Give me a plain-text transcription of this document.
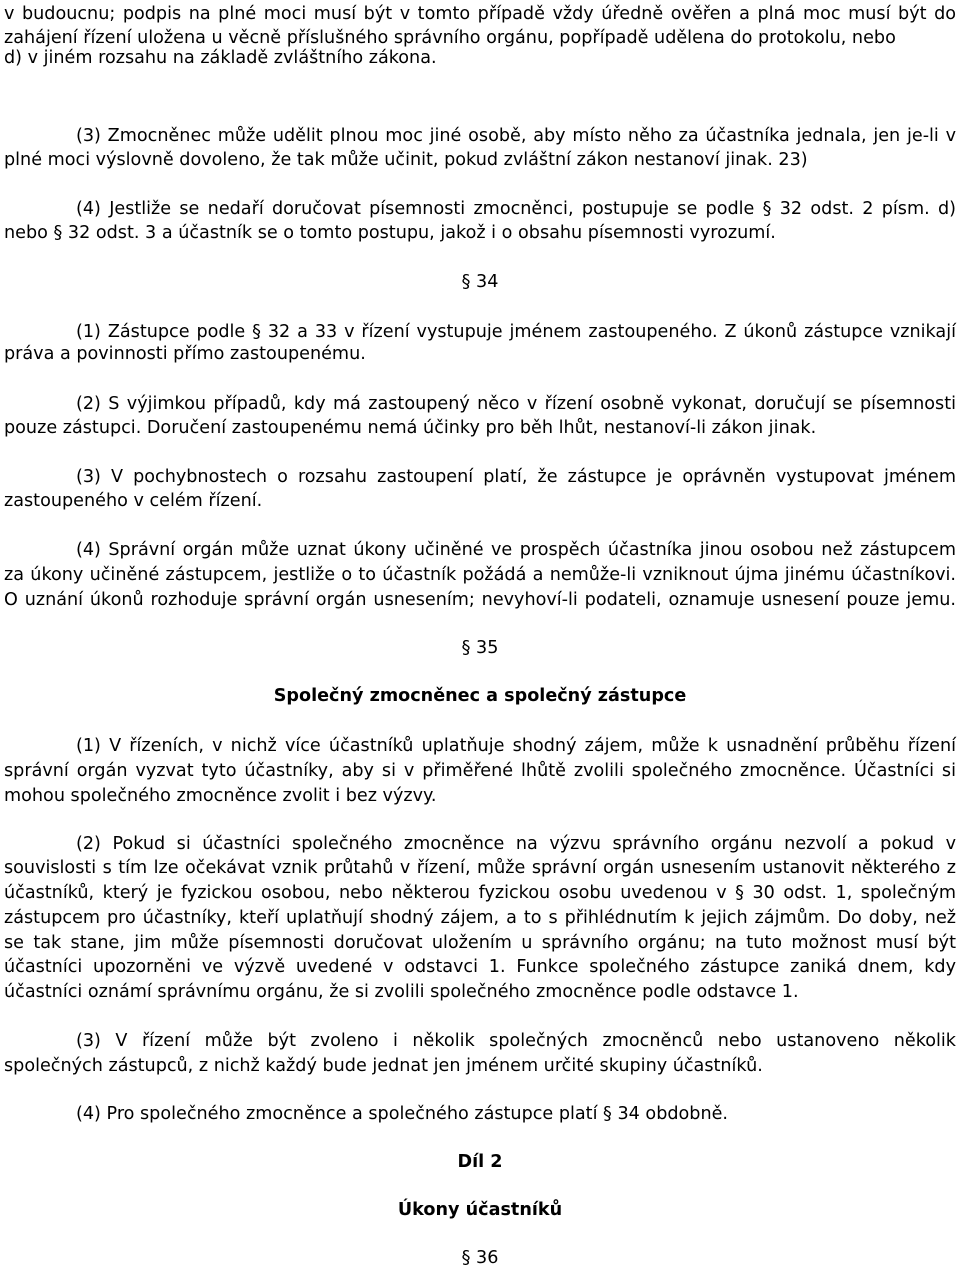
v budoucnu; podpis na plné moci musí být v tomto případě vždy úředně ověřen a plná moc musí být do
zahájení řízení uložena u věcně příslušného správního orgánu, popřípadě udělena do protokolu, nebo
d) v jiném rozsahu na základě zvláštního zákona.
(3) Zmocněnec může udělit plnou moc jiné osobě, aby místo něho za účastníka jednala, jen je-li v
plné moci výslovně dovoleno, že tak může učinit, pokud zvláštní zákon nestanoví jinak. 23)
(4) Jestliže se nedaří doručovat písemnosti zmocněnci, postupuje se podle § 32 odst. 2 písm. d)
nebo § 32 odst. 3 a účastník se o tomto postupu, jakož i o obsahu písemnosti vyrozumí.
§ 34
(1) Zástupce podle § 32 a 33 v řízení vystupuje jménem zastoupeného. Z úkonů zástupce vznikají
práva a povinnosti přímo zastoupenému.
(2) S výjimkou případů, kdy má zastoupený něco v řízení osobně vykonat, doručují se písemnosti
pouze zástupci. Doručení zastoupenému nemá účinky pro běh lhůt, nestanoví-li zákon jinak.
(3) V pochybnostech o rozsahu zastoupení platí, že zástupce je oprávněn vystupovat jménem
zastoupeného v celém řízení.
(4) Správní orgán může uznat úkony učiněné ve prospěch účastníka jinou osobou než zástupcem
za úkony učiněné zástupcem, jestliže o to účastník požádá a nemůže-li vzniknout újma jinému účastníkovi.
O uznání úkonů rozhoduje správní orgán usnesením; nevyhoví-li podateli, oznamuje usnesení pouze jemu.
§ 35
Společný zmocněnec a společný zástupce
(1) V řízeních, v nichž více účastníků uplatňuje shodný zájem, může k usnadnění průběhu řízení
správní orgán vyzvat tyto účastníky, aby si v přiměřené lhůtě zvolili společného zmocněnce. Účastníci si
mohou společného zmocněnce zvolit i bez výzvy.
(2) Pokud si účastníci společného zmocněnce na výzvu správního orgánu nezvolí a pokud v
souvislosti s tím lze očekávat vznik průtahů v řízení, může správní orgán usnesením ustanovit některého z
účastníků, který je fyzickou osobou, nebo některou fyzickou osobu uvedenou v § 30 odst. 1, společným
zástupcem pro účastníky, kteří uplatňují shodný zájem, a to s přihlédnutím k jejich zájmům. Do doby, než
se tak stane, jim může písemnosti doručovat uložením u správního orgánu; na tuto možnost musí být
účastníci upozorněni ve výzvě uvedené v odstavci 1. Funkce společného zástupce zaniká dnem, kdy
účastníci oznámí správnímu orgánu, že si zvolili společného zmocněnce podle odstavce 1.
(3) V řízení může být zvoleno i několik společných zmocněnců nebo ustanoveno několik
společných zástupců, z nichž každý bude jednat jen jménem určité skupiny účastníků.
(4) Pro společného zmocněnce a společného zástupce platí § 34 obdobně.
Díl 2
Úkony účastníků
§ 36
